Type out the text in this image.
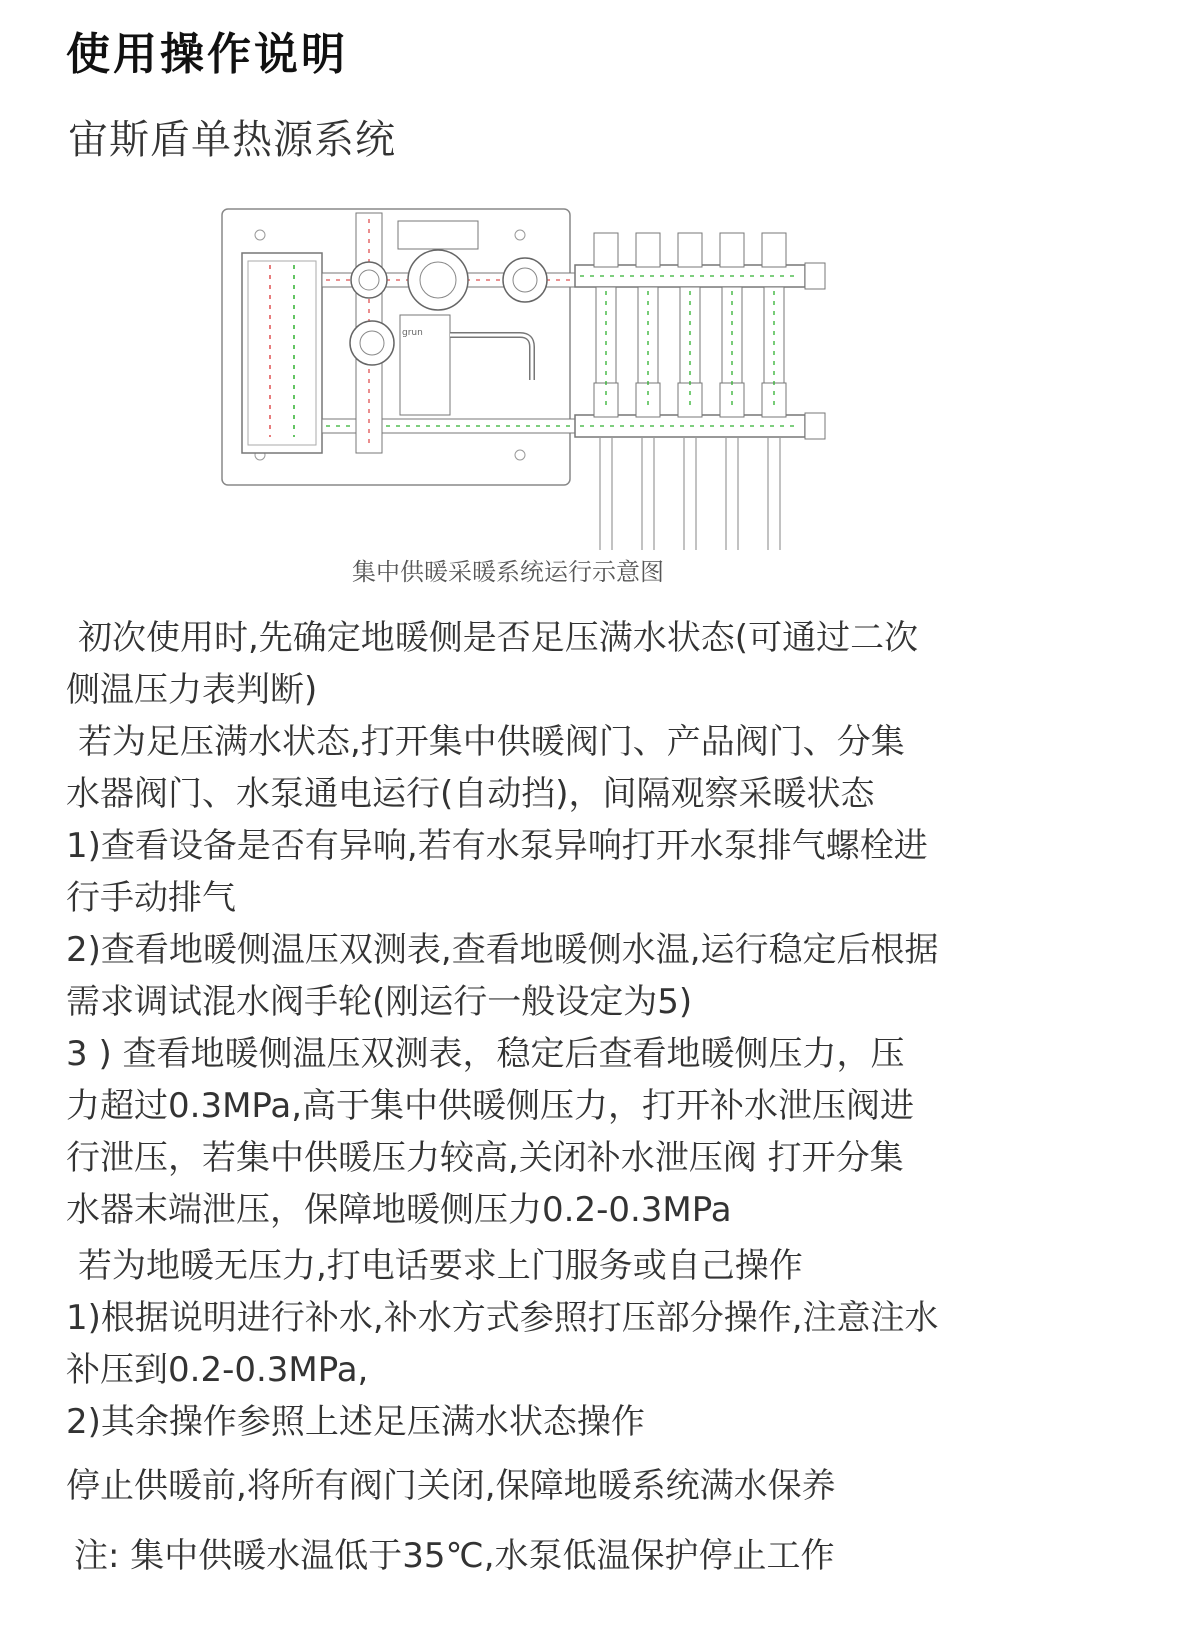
使用操作说明
宙斯盾单热源系统
grun
集中供暖采暖系统运行示意图

初次使用时,先确定地暖侧是否足压满水状态(可通过二次

侧温压力表判断)

若为足压满水状态,打开集中供暖阀门、产品阀门、分集

水器阀门、水泵通电运行(自动挡)，间隔观察采暖状态

1)查看设备是否有异响,若有水泵异响打开水泵排气螺栓进

行手动排气

2)查看地暖侧温压双测表,查看地暖侧水温,运行稳定后根据

需求调试混水阀手轮(刚运行一般设定为5)

3 ) 查看地暖侧温压双测表，稳定后查看地暖侧压力，压

力超过0.3MPa,高于集中供暖侧压力，打开补水泄压阀进

行泄压，若集中供暖压力较高,关闭补水泄压阀 打开分集

水器末端泄压，保障地暖侧压力0.2-0.3MPa

若为地暖无压力,打电话要求上门服务或自己操作

1)根据说明进行补水,补水方式参照打压部分操作,注意注水

补压到0.2-0.3MPa,

2)其余操作参照上述足压满水状态操作

停止供暖前,将所有阀门关闭,保障地暖系统满水保养

注: 集中供暖水温低于35℃,水泵低温保护停止工作
